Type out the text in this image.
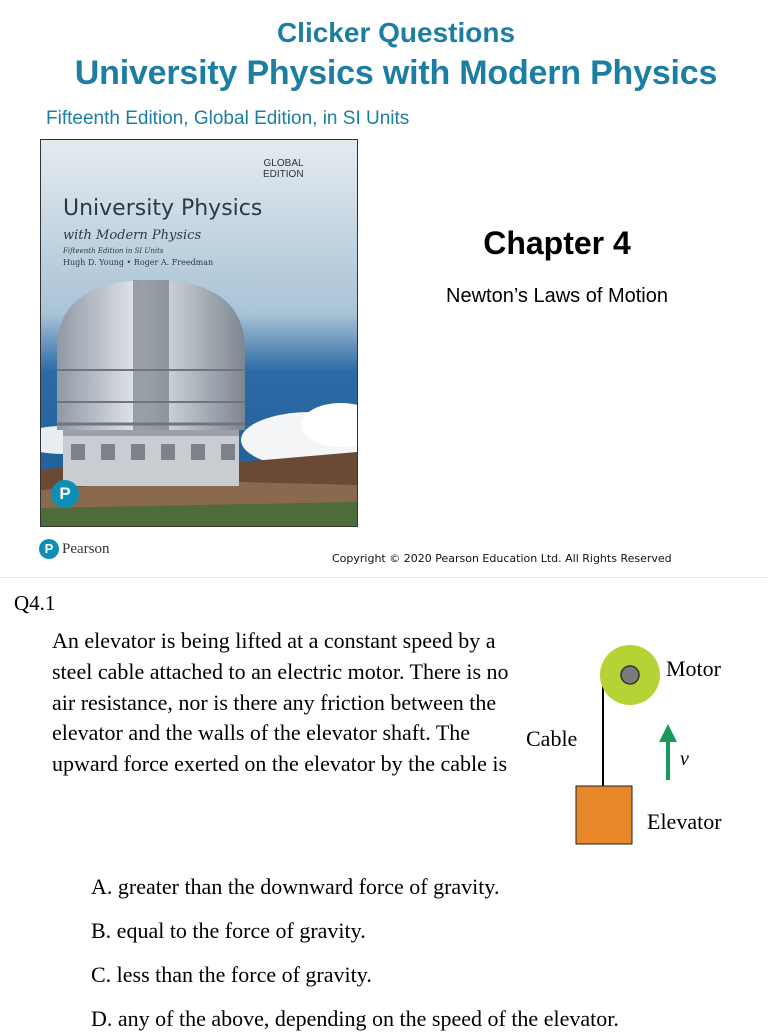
Clicker Questions
University Physics with Modern Physics
Fifteenth Edition, Global Edition, in SI Units
GLOBAL
EDITION
University Physics
with Modern Physics
Fifteenth Edition in SI Units
Hugh D. Young • Roger A. Freedman
P
Chapter 4
Newton’s Laws of Motion
P Pearson
Copyright © 2020 Pearson Education Ltd. All Rights Reserved
Q4.1
An elevator is being lifted at a constant speed by a steel cable attached to an electric motor. There is no air resistance, nor is there any friction between the elevator and the walls of the elevator shaft. The upward force exerted on the elevator by the cable is
Motor
Cable
v
Elevator
A. greater than the downward force of gravity.
B. equal to the force of gravity.
C. less than the force of gravity.
D. any of the above, depending on the speed of the elevator.
